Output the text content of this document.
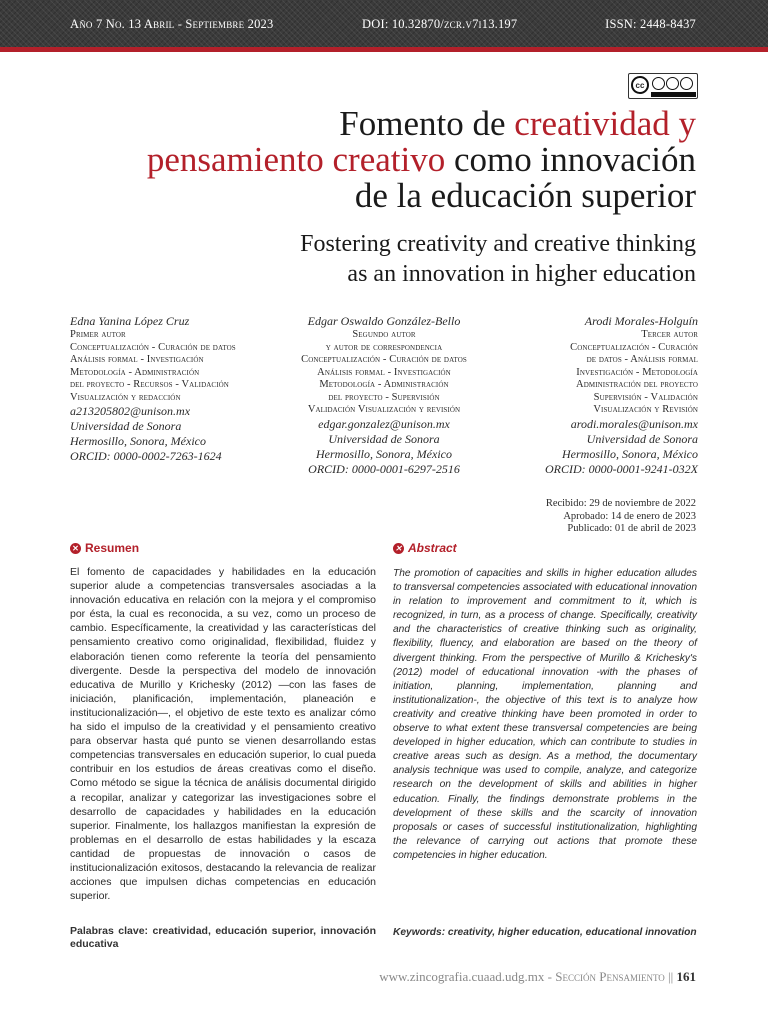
Año 7 No. 13 Abril - Septiembre 2023	DOI: 10.32870/zcr.v7i13.197	ISSN: 2448-8437
cc
Fomento de creatividad y
pensamiento creativo como innovación
de la educación superior
Fostering creativity and creative thinking
as an innovation in higher education
Edna Yanina López Cruz
Primer autor
Conceptualización - Curación de datos
Análisis formal - Investigación
Metodología - Administración
del proyecto - Recursos - Validación
Visualización y redacción
a213205802@unison.mx
Universidad de Sonora
Hermosillo, Sonora, México
ORCID: 0000-0002-7263-1624
Edgar Oswaldo González-Bello
Segundo autor
y autor de correspondencia
Conceptualización - Curación de datos
Análisis formal - Investigación
Metodología - Administración
del proyecto - Supervisión
Validación Visualización y revisión
edgar.gonzalez@unison.mx
Universidad de Sonora
Hermosillo, Sonora, México
ORCID: 0000-0001-6297-2516
Arodi Morales-Holguín
Tercer autor
Conceptualización - Curación
de datos - Análisis formal
Investigación - Metodología
Administración del proyecto
Supervisión - Validación
Visualización y Revisión
arodi.morales@unison.mx
Universidad de Sonora
Hermosillo, Sonora, México
ORCID: 0000-0001-9241-032X
Recibido: 29 de noviembre de 2022
Aprobado: 14 de enero de 2023
Publicado: 01 de abril de 2023
✕ Resumen	✕ Abstract
El fomento de capacidades y habilidades en la educación superior alude a competencias transversales asociadas a la innovación educativa en relación con la mejora y el compromiso por ésta, la cual es reconocida, a su vez, como un proceso de cambio. Específicamente, la creatividad y las características del pensamiento creativo como originalidad, flexibilidad, fluidez y elaboración tienen como referente la teoría del pensamiento divergente. Desde la perspectiva del modelo de innovación educativa de Murillo y Krichesky (2012) —con las fases de iniciación, planificación, implementación, planeación e institucionalización—, el objetivo de este texto es analizar cómo ha sido el impulso de la creatividad y el pensamiento creativo para observar hasta qué punto se vienen desarrollando estas competencias transversales en educación superior, lo cual pueda contribuir en los estudios de áreas creativas como el diseño. Como método se sigue la técnica de análisis documental dirigido a recopilar, analizar y categorizar las investigaciones sobre el desarrollo de capacidades y habilidades en la educación superior. Finalmente, los hallazgos manifiestan la expresión de problemas en el desarrollo de estas habilidades y la escaza cantidad de propuestas de innovación o casos de institucionalización exitosos, destacando la relevancia de realizar acciones que impulsen dichas competencias en educación superior.
The promotion of capacities and skills in higher education alludes to transversal competencies associated with educational innovation in relation to improvement and commitment to it, which is recognized, in turn, as a process of change. Specifically, creativity and the characteristics of creative thinking such as originality, flexibility, fluency, and elaboration are based on the theory of divergent thinking. From the perspective of Murillo & Krichesky's (2012) model of educational innovation -with the phases of initiation, planning, implementation, planning and institutionalization-, the objective of this text is to analyze how creativity and creative thinking have been promoted in order to observe to what extent these transversal competencies are being developed in higher education, which can contribute to studies in creative areas such as design. As a method, the documentary analysis technique was used to compile, analyze, and categorize research on the development of skills and abilities in higher education. Finally, the findings demonstrate problems in the development of these skills and the scarcity of innovation proposals or cases of successful institutionalization, highlighting the relevance of carrying out actions that promote these competencies in higher education.
Palabras clave: creatividad, educación superior, innovación educativa
Keywords: creativity, higher education, educational innovation
www.zincografia.cuaad.udg.mx - Sección Pensamiento || 161
